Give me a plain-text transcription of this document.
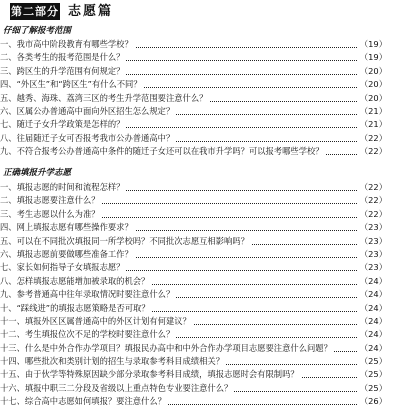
第二部分 志愿篇
仔细了解报考范围
一、我市高中阶段教育有哪些学校？	（19）
二、各类考生的报考范围是什么？	（19）
三、跨区生的升学范围有何规定？	（20）
四、“外区生”和“跨区生”有什么不同？	（20）
五、越秀、海珠、荔湾三区的考生升学范围要注意什么？	（20）
六、区属公办普通高中面向外区招生怎么规定？	（21）
七、随迁子女升学政策是怎样的？	（21）
八、往届随迁子女可否报考我市公办普通高中？	（22）
九、不符合报考公办普通高中条件的随迁子女还可以在我市升学吗？可以报考哪些学校？	（22）
正确填报升学志愿
一、填报志愿的时间和流程怎样？	（22）
二、填报志愿要注意什么？	（22）
三、考生志愿以什么为准？	（22）
四、网上填报志愿有哪些操作要求？	（23）
五、可以在不同批次填报同一所学校吗？不同批次志愿互相影响吗？	（23）
六、填报志愿前要做哪些准备工作？	（23）
七、家长如何指导子女填报志愿？	（23）
八、怎样填报志愿能增加被录取的机会？	（24）
九、参考普通高中往年录取情况时要注意什么？	（24）
十、“踩线进”的填报志愿策略是否可取？	（24）
十一、填报外区区属普通高中的外区计划有何建议？	（24）
十二、考生填报位次不足的学校时要注意什么？	（24）
十三、什么是中外合作办学项目？填报民办高中和中外合作办学项目志愿要注意什么问题？	（24）
十四、哪些批次和类别计划的招生与录取参考科目成绩相关？	（25）
十五、由于伙学等特殊原因缺少部分录取参考科目成绩，填报志愿时会有限制吗？	（25）
十六、填报中职三二分段及省级以上重点特色专业要注意什么？	（25）
十七、综合高中志愿如何填报？要注意什么？	（26）
